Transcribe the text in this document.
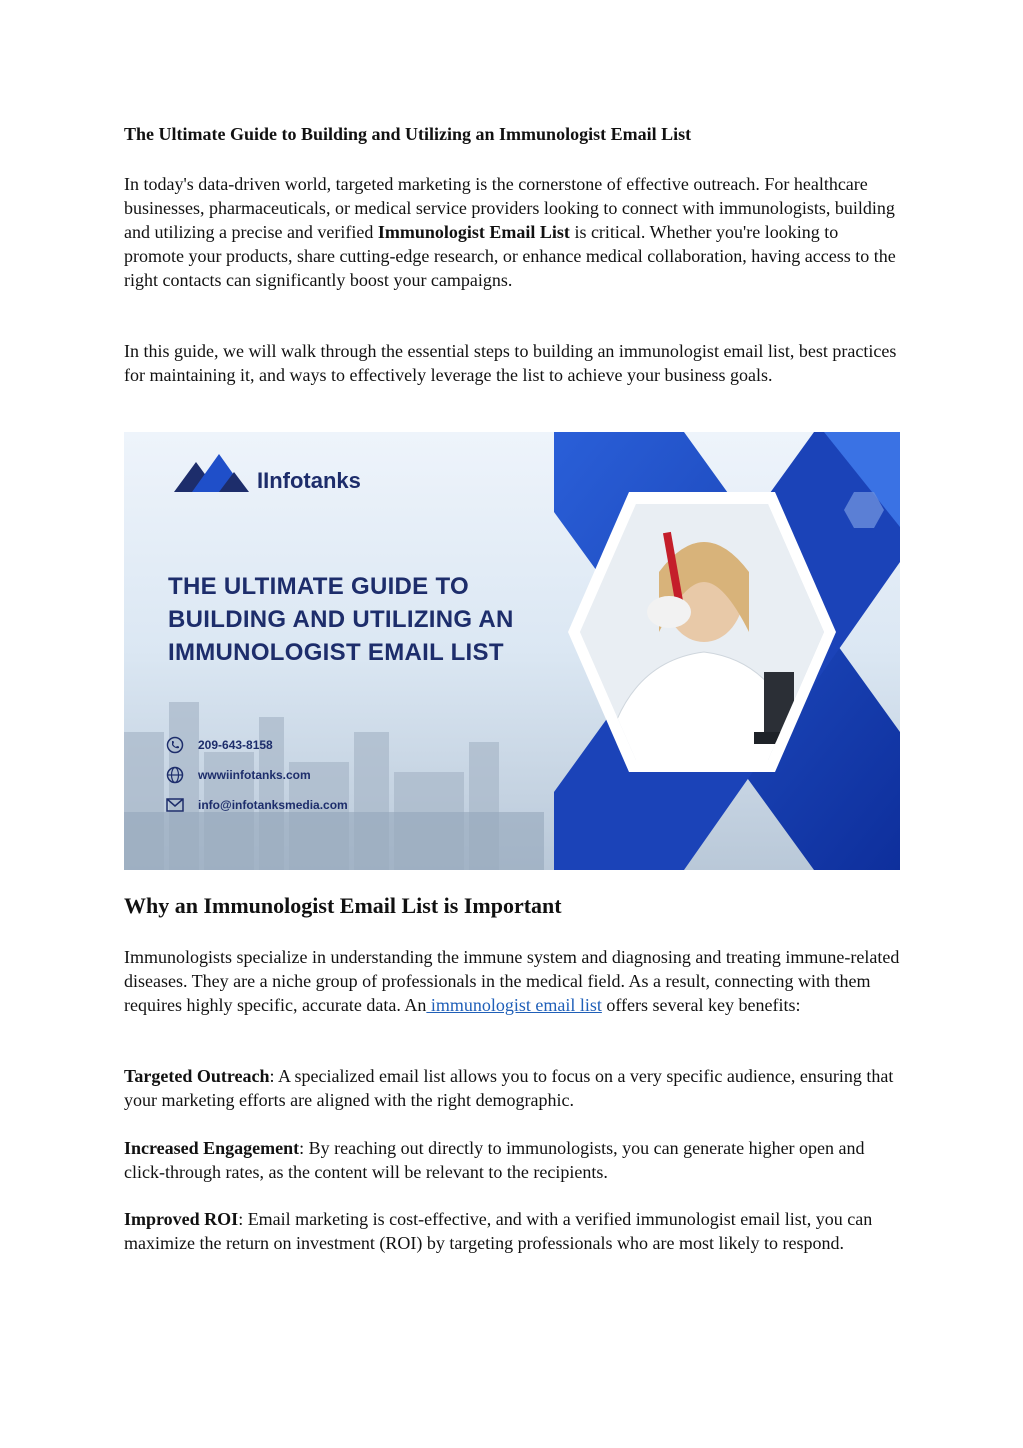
The Ultimate Guide to Building and Utilizing an Immunologist Email List

In today's data-driven world, targeted marketing is the cornerstone of effective outreach. For healthcare businesses, pharmaceuticals, or medical service providers looking to connect with immunologists, building and utilizing a precise and verified Immunologist Email List is critical. Whether you're looking to promote your products, share cutting-edge research, or enhance medical collaboration, having access to the right contacts can significantly boost your campaigns.

In this guide, we will walk through the essential steps to building an immunologist email list, best practices for maintaining it, and ways to effectively leverage the list to achieve your business goals.

IInfotanks
THE ULTIMATE GUIDE TO
BUILDING AND UTILIZING AN
IMMUNOLOGIST EMAIL LIST
209-643-8158
wwwiinfotanks.com
info@infotanksmedia.com
Why an Immunologist Email List is Important

Immunologists specialize in understanding the immune system and diagnosing and treating immune-related diseases. They are a niche group of professionals in the medical field. As a result, connecting with them requires highly specific, accurate data. An immunologist email list offers several key benefits:

Targeted Outreach: A specialized email list allows you to focus on a very specific audience, ensuring that your marketing efforts are aligned with the right demographic.

Increased Engagement: By reaching out directly to immunologists, you can generate higher open and click-through rates, as the content will be relevant to the recipients.

Improved ROI: Email marketing is cost-effective, and with a verified immunologist email list, you can maximize the return on investment (ROI) by targeting professionals who are most likely to respond.
